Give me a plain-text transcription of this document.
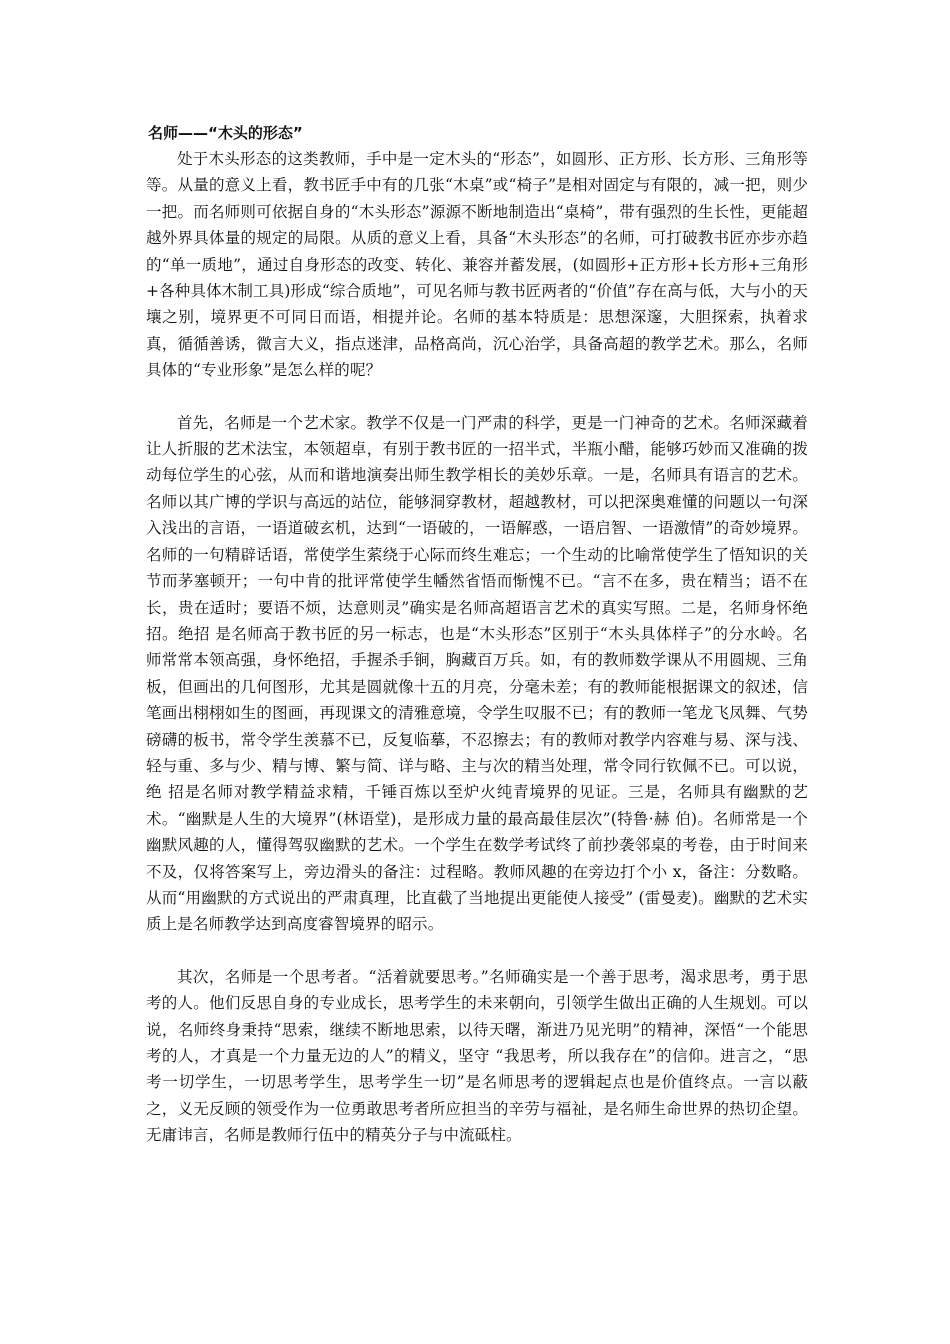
名师——“木头的形态”

处于木头形态的这类教师，手中是一定木头的“形态”，如圆形、正方形、长方形、三角形等等。从量的意义上看，教书匠手中有的几张“木桌”或“椅子”是相对固定与有限的，减一把，则少一把。而名师则可依据自身的“木头形态”源源不断地制造出“桌椅”，带有强烈的生长性，更能超越外界具体量的规定的局限。从质的意义上看，具备“木头形态”的名师，可打破教书匠亦步亦趋的“单一质地”，通过自身形态的改变、转化、兼容并蓄发展，(如圆形+正方形+长方形+三角形+各种具体木制工具)形成“综合质地”，可见名师与教书匠两者的“价值”存在高与低，大与小的天壤之别，境界更不可同日而语，相提并论。名师的基本特质是：思想深邃，大胆探索，执着求真，循循善诱，微言大义，指点迷津，品格高尚，沉心治学，具备高超的教学艺术。那么，名师具体的“专业形象”是怎么样的呢？

首先，名师是一个艺术家。教学不仅是一门严肃的科学，更是一门神奇的艺术。名师深藏着让人折服的艺术法宝，本领超卓，有别于教书匠的一招半式，半瓶小醋，能够巧妙而又准确的拨动每位学生的心弦，从而和谐地演奏出师生教学相长的美妙乐章。一是，名师具有语言的艺术。名师以其广博的学识与高远的站位，能够洞穿教材，超越教材，可以把深奥难懂的问题以一句深入浅出的言语，一语道破玄机，达到“一语破的，一语解惑，一语启智、一语激情”的奇妙境界。名师的一句精辟话语，常使学生萦绕于心际而终生难忘；一个生动的比喻常使学生了悟知识的关节而茅塞顿开；一句中肯的批评常使学生幡然省悟而惭愧不已。“言不在多，贵在精当；语不在长，贵在适时；要语不烦，达意则灵”确实是名师高超语言艺术的真实写照。二是，名师身怀绝招。绝招 是名师高于教书匠的另一标志，也是“木头形态”区别于“木头具体样子”的分水岭。名师常常本领高强，身怀绝招，手握杀手锏，胸藏百万兵。如，有的教师数学课从不用圆规、三角板，但画出的几何图形，尤其是圆就像十五的月亮，分毫未差；有的教师能根据课文的叙述，信笔画出栩栩如生的图画，再现课文的清雅意境，令学生叹服不已；有的教师一笔龙飞凤舞、气势磅礴的板书，常令学生羡慕不已，反复临摹，不忍擦去；有的教师对教学内容难与易、深与浅、轻与重、多与少、精与博、繁与简、详与略、主与次的精当处理，常令同行钦佩不已。可以说，绝 招是名师对教学精益求精，千锤百炼以至炉火纯青境界的见证。三是，名师具有幽默的艺术。“幽默是人生的大境界”(林语堂)，是形成力量的最高最佳层次”(特鲁·赫 伯)。名师常是一个幽默风趣的人，懂得驾驭幽默的艺术。一个学生在数学考试终了前抄袭邻桌的考卷，由于时间来不及，仅将答案写上，旁边滑头的备注：过程略。教师风趣的在旁边打个小 x，备注：分数略。从而“用幽默的方式说出的严肃真理，比直截了当地提出更能使人接受” (雷曼麦)。幽默的艺术实质上是名师教学达到高度睿智境界的昭示。

其次，名师是一个思考者。“活着就要思考。”名师确实是一个善于思考，渴求思考，勇于思考的人。他们反思自身的专业成长，思考学生的未来朝向，引领学生做出正确的人生规划。可以说，名师终身秉持“思索，继续不断地思索，以待天曙，渐进乃见光明”的精神，深悟“一个能思考的人，才真是一个力量无边的人”的精义，坚守 “我思考，所以我存在”的信仰。进言之，“思考一切学生，一切思考学生，思考学生一切”是名师思考的逻辑起点也是价值终点。一言以蔽之，义无反顾的领受作为一位勇敢思考者所应担当的辛劳与福祉，是名师生命世界的热切企望。无庸讳言，名师是教师行伍中的精英分子与中流砥柱。
